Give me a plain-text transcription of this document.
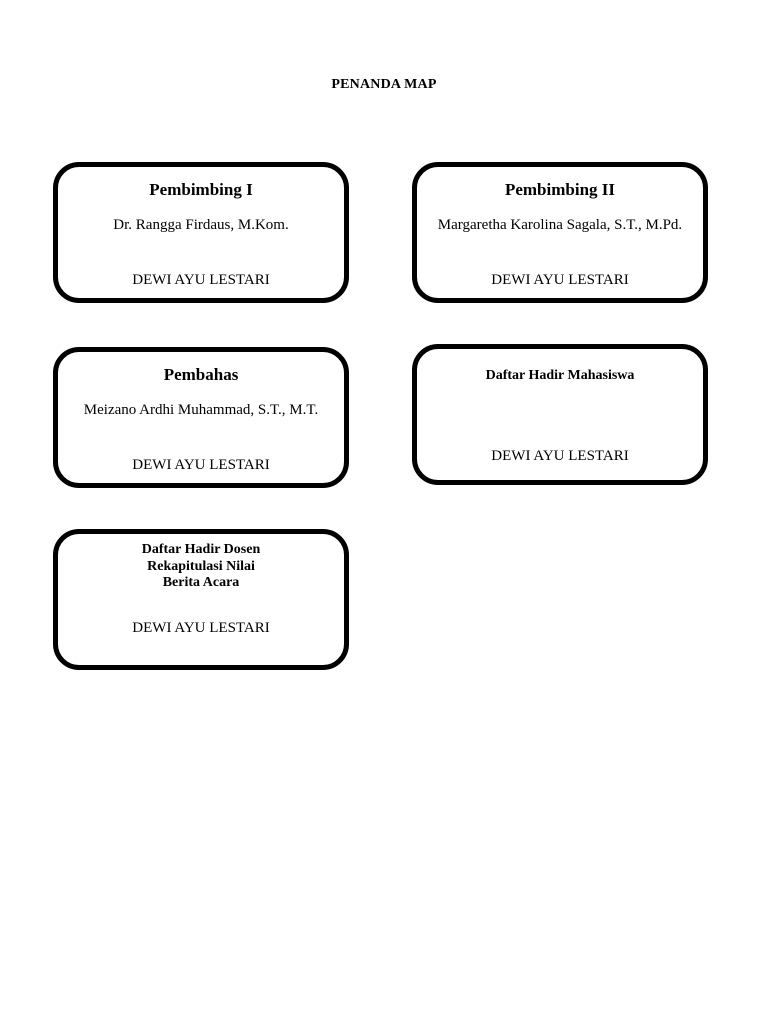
PENANDA MAP
Pembimbing I
Dr. Rangga Firdaus, M.Kom.
DEWI AYU LESTARI
Pembimbing II
Margaretha Karolina Sagala, S.T., M.Pd.
DEWI AYU LESTARI
Pembahas
Meizano Ardhi Muhammad, S.T., M.T.
DEWI AYU LESTARI
Daftar Hadir Mahasiswa
DEWI AYU LESTARI
Daftar Hadir Dosen
Rekapitulasi Nilai
Berita Acara
DEWI AYU LESTARI
